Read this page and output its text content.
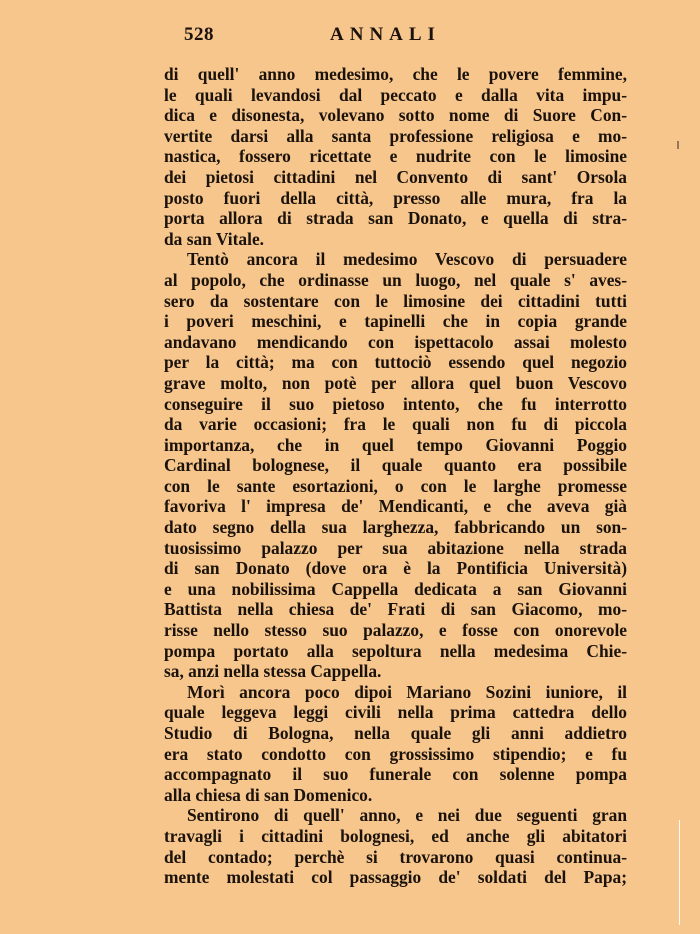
528	ANNALI
di quell' anno medesimo, che le povere femmine,
le quali levandosi dal peccato e dalla vita impu-
dica e disonesta, volevano sotto nome di Suore Con-
vertite darsi alla santa professione religiosa e mo-
nastica, fossero ricettate e nudrite con le limosine
dei pietosi cittadini nel Convento di sant' Orsola
posto fuori della città, presso alle mura, fra la
porta allora di strada san Donato, e quella di stra-
da san Vitale.
Tentò ancora il medesimo Vescovo di persuadere
al popolo, che ordinasse un luogo, nel quale s' aves-
sero da sostentare con le limosine dei cittadini tutti
i poveri meschini, e tapinelli che in copia grande
andavano mendicando con ispettacolo assai molesto
per la città; ma con tuttociò essendo quel negozio
grave molto, non potè per allora quel buon Vescovo
conseguire il suo pietoso intento, che fu interrotto
da varie occasioni; fra le quali non fu di piccola
importanza, che in quel tempo Giovanni Poggio
Cardinal bolognese, il quale quanto era possibile
con le sante esortazioni, o con le larghe promesse
favoriva l' impresa de' Mendicanti, e che aveva già
dato segno della sua larghezza, fabbricando un son-
tuosissimo palazzo per sua abitazione nella strada
di san Donato (dove ora è la Pontificia Università)
e una nobilissima Cappella dedicata a san Giovanni
Battista nella chiesa de' Frati di san Giacomo, mo-
risse nello stesso suo palazzo, e fosse con onorevole
pompa portato alla sepoltura nella medesima Chie-
sa, anzi nella stessa Cappella.
Morì ancora poco dipoi Mariano Sozini iuniore, il
quale leggeva leggi civili nella prima cattedra dello
Studio di Bologna, nella quale gli anni addietro
era stato condotto con grossissimo stipendio; e fu
accompagnato il suo funerale con solenne pompa
alla chiesa di san Domenico.
Sentirono di quell' anno, e nei due seguenti gran
travagli i cittadini bolognesi, ed anche gli abitatori
del contado; perchè si trovarono quasi continua-
mente molestati col passaggio de' soldati del Papa;
